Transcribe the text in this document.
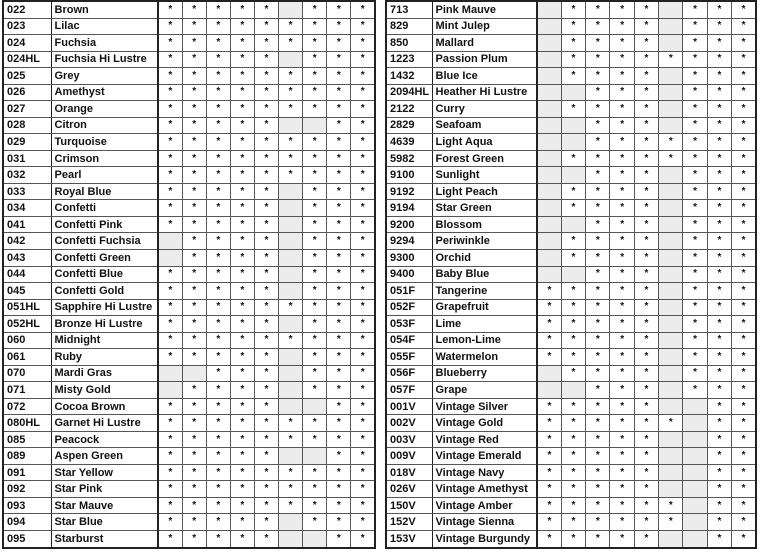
022	Brown	*	*	*	*	*		*	*	*
023	Lilac	*	*	*	*	*	*	*	*	*
024	Fuchsia	*	*	*	*	*	*	*	*	*
024HL	Fuchsia Hi Lustre	*	*	*	*	*		*	*	*
025	Grey	*	*	*	*	*	*	*	*	*
026	Amethyst	*	*	*	*	*	*	*	*	*
027	Orange	*	*	*	*	*	*	*	*	*
028	Citron	*	*	*	*	*			*	*
029	Turquoise	*	*	*	*	*	*	*	*	*
031	Crimson	*	*	*	*	*	*	*	*	*
032	Pearl	*	*	*	*	*	*	*	*	*
033	Royal Blue	*	*	*	*	*		*	*	*
034	Confetti	*	*	*	*	*		*	*	*
041	Confetti Pink	*	*	*	*	*		*	*	*
042	Confetti Fuchsia		*	*	*	*		*	*	*
043	Confetti Green		*	*	*	*		*	*	*
044	Confetti Blue	*	*	*	*	*		*	*	*
045	Confetti Gold	*	*	*	*	*		*	*	*
051HL	Sapphire Hi Lustre	*	*	*	*	*	*	*	*	*
052HL	Bronze Hi Lustre	*	*	*	*	*		*	*	*
060	Midnight	*	*	*	*	*	*	*	*	*
061	Ruby	*	*	*	*	*		*	*	*
070	Mardi Gras			*	*	*		*	*	*
071	Misty Gold		*	*	*	*		*	*	*
072	Cocoa Brown	*	*	*	*	*			*	*
080HL	Garnet Hi Lustre	*	*	*	*	*	*	*	*	*
085	Peacock	*	*	*	*	*	*	*	*	*
089	Aspen Green	*	*	*	*	*			*	*
091	Star Yellow	*	*	*	*	*	*	*	*	*
092	Star Pink	*	*	*	*	*	*	*	*	*
093	Star Mauve	*	*	*	*	*	*	*	*	*
094	Star Blue	*	*	*	*	*		*	*	*
095	Starburst	*	*	*	*	*			*	*
713	Pink Mauve		*	*	*	*		*	*	*
829	Mint Julep		*	*	*	*		*	*	*
850	Mallard		*	*	*	*		*	*	*
1223	Passion Plum		*	*	*	*	*	*	*	*
1432	Blue Ice		*	*	*	*		*	*	*
2094HL	Heather Hi Lustre			*	*	*		*	*	*
2122	Curry		*	*	*	*		*	*	*
2829	Seafoam			*	*	*		*	*	*
4639	Light Aqua			*	*	*	*	*	*	*
5982	Forest Green		*	*	*	*	*	*	*	*
9100	Sunlight			*	*	*		*	*	*
9192	Light Peach		*	*	*	*		*	*	*
9194	Star Green		*	*	*	*		*	*	*
9200	Blossom			*	*	*		*	*	*
9294	Periwinkle		*	*	*	*		*	*	*
9300	Orchid		*	*	*	*		*	*	*
9400	Baby Blue			*	*	*		*	*	*
051F	Tangerine	*	*	*	*	*		*	*	*
052F	Grapefruit	*	*	*	*	*		*	*	*
053F	Lime	*	*	*	*	*		*	*	*
054F	Lemon-Lime	*	*	*	*	*		*	*	*
055F	Watermelon	*	*	*	*	*		*	*	*
056F	Blueberry		*	*	*	*		*	*	*
057F	Grape			*	*	*		*	*	*
001V	Vintage Silver	*	*	*	*	*			*	*
002V	Vintage Gold	*	*	*	*	*	*		*	*
003V	Vintage Red	*	*	*	*	*			*	*
009V	Vintage Emerald	*	*	*	*	*			*	*
018V	Vintage Navy	*	*	*	*	*			*	*
026V	Vintage Amethyst	*	*	*	*	*			*	*
150V	Vintage Amber	*	*	*	*	*	*		*	*
152V	Vintage Sienna	*	*	*	*	*	*		*	*
153V	Vintage Burgundy	*	*	*	*	*			*	*
